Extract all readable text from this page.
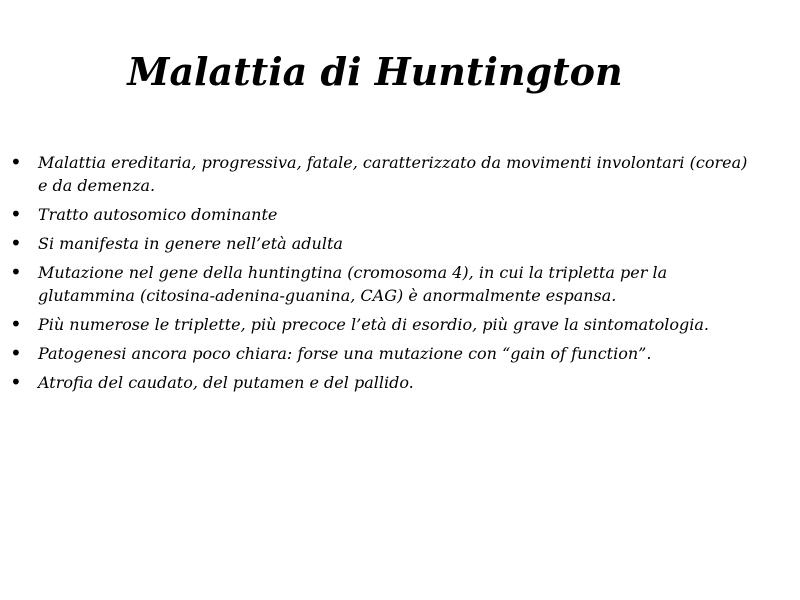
Malattia di Huntington
•	Malattia ereditaria, progressiva, fatale, caratterizzato da movimenti involontari (corea) e da demenza.
•	Tratto autosomico dominante
•	Si manifesta in genere nell’età adulta
•	Mutazione nel gene della huntingtina (cromosoma 4), in cui la tripletta per la glutammina (citosina-adenina-guanina, CAG) è anormalmente espansa.
•	Più numerose le triplette, più precoce l’età di esordio, più grave la sintomatologia.
•	Patogenesi ancora poco chiara: forse una mutazione con “gain of function”.
•	Atrofia del caudato, del putamen e del pallido.
